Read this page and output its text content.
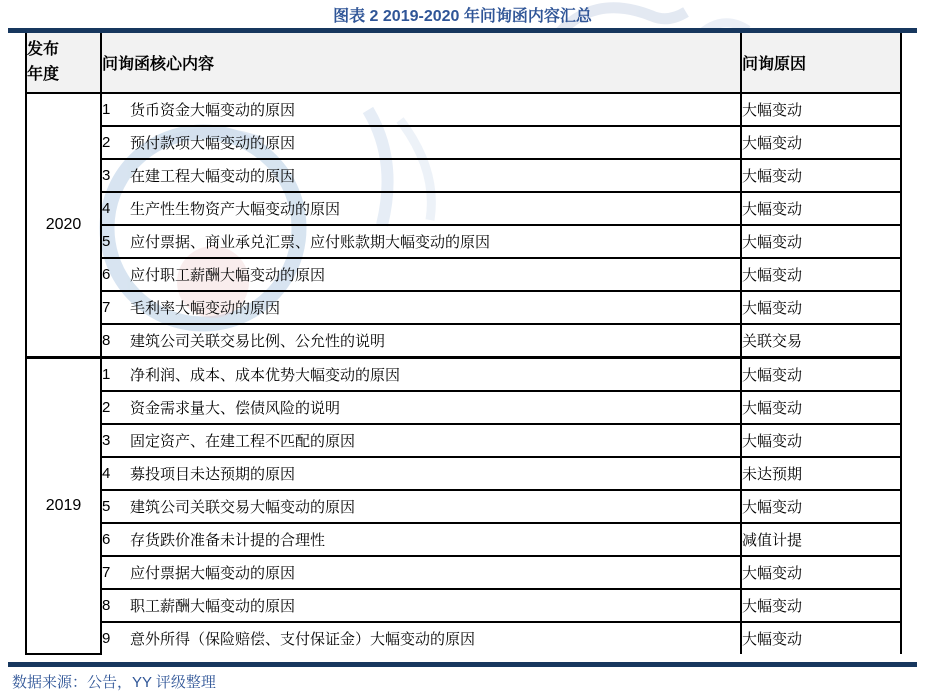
图表 2 2019-2020 年问询函内容汇总
发布
年度	问询函核心内容	问询原因
2020	1 货币资金大幅变动的原因	大幅变动

	2 预付款项大幅变动的原因	大幅变动

	3 在建工程大幅变动的原因	大幅变动

	4 生产性生物资产大幅变动的原因	大幅变动

	5 应付票据、商业承兑汇票、应付账款期大幅变动的原因	大幅变动

	6 应付职工薪酬大幅变动的原因	大幅变动

	7 毛利率大幅变动的原因	大幅变动

	8 建筑公司关联交易比例、公允性的说明	关联交易
2019	1 净利润、成本、成本优势大幅变动的原因	大幅变动

	2 资金需求量大、偿债风险的说明	大幅变动

	3 固定资产、在建工程不匹配的原因	大幅变动

	4 募投项目未达预期的原因	未达预期

	5 建筑公司关联交易大幅变动的原因	大幅变动

	6 存货跌价准备未计提的合理性	减值计提

	7 应付票据大幅变动的原因	大幅变动

	8 职工薪酬大幅变动的原因	大幅变动

	9 意外所得（保险赔偿、支付保证金）大幅变动的原因	大幅变动
数据来源：公告，YY 评级整理
